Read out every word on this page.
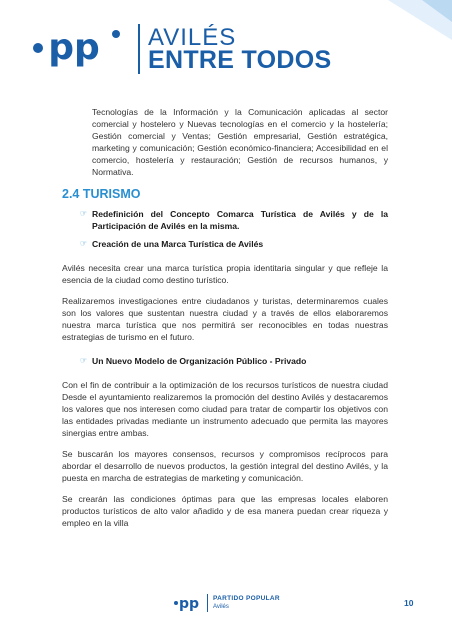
pp AVILÉS
ENTRE TODOS

Tecnologías de la Información y la Comunicación aplicadas al sector comercial y hostelero y Nuevas tecnologías en el comercio y la hostelería; Gestión comercial y Ventas; Gestión empresarial, Gestión estratégica, marketing y comunicación; Gestión económico-financiera; Accesibilidad en el comercio, hostelería y restauración; Gestión de recursos humanos, y Normativa.

2.4 TURISMO
☞ Redefinición del Concepto Comarca Turística de Avilés y de la Participación de Avilés en la misma.
☞ Creación de una Marca Turística de Avilés

Avilés necesita crear una marca turística propia identitaria singular y que refleje la esencia de la ciudad como destino turístico.

Realizaremos investigaciones entre ciudadanos y turistas, determinaremos cuales son los valores que sustentan nuestra ciudad y a través de ellos elaboraremos nuestra marca turística que nos permitirá ser reconocibles en todas nuestras estrategias de turismo en el futuro.

☞ Un Nuevo Modelo de Organización Público - Privado

Con el fin de contribuir a la optimización de los recursos turísticos de nuestra ciudad Desde el ayuntamiento realizaremos la promoción del destino Avilés y destacaremos los valores que nos interesen como ciudad para tratar de compartir los objetivos con las entidades privadas mediante un instrumento adecuado que permita las mayores sinergias entre ambas.

Se buscarán los mayores consensos, recursos y compromisos recíprocos para abordar el desarrollo de nuevos productos, la gestión integral del destino Avilés, y la puesta en marcha de estrategias de marketing y comunicación.

Se crearán las condiciones óptimas para que las empresas locales elaboren productos turísticos de alto valor añadido y de esa manera puedan crear riqueza y empleo en la villa

pp PARTIDO POPULAR
Avilés	10
